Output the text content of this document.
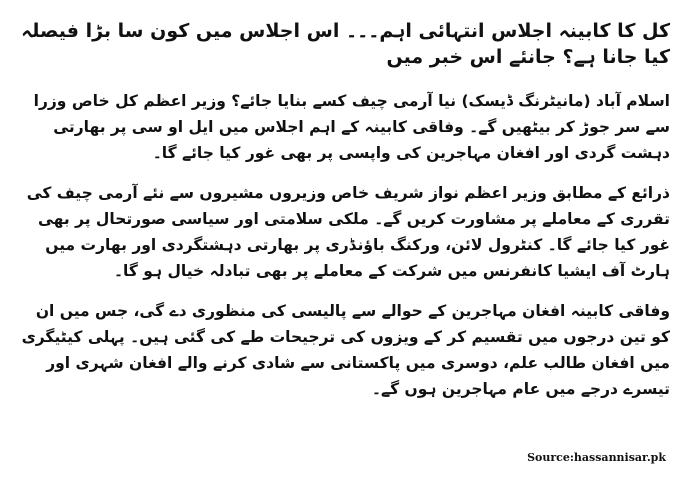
کل کا کابینہ اجلاس انتہائی اہم۔۔۔ اس اجلاس میں کون سا بڑا فیصلہ کیا جانا ہے؟ جانئے اس خبر میں

اسلام آباد (مانیٹرنگ ڈیسک) نیا آرمی چیف کسے بنایا جائے؟ وزیر اعظم کل خاص وزرا سے سر جوڑ کر بیٹھیں گے۔ وفاقی کابینہ کے اہم اجلاس میں ایل او سی پر بھارتی دہشت گردی اور افغان مہاجرین کی واپسی پر بھی غور کیا جائے گا۔

ذرائع کے مطابق وزیر اعظم نواز شریف خاص وزیروں مشیروں سے نئے آرمی چیف کی تقرری کے معاملے پر مشاورت کریں گے۔ ملکی سلامتی اور سیاسی صورتحال پر بھی غور کیا جائے گا۔ کنٹرول لائن، ورکنگ باؤنڈری پر بھارتی دہشتگردی اور بھارت میں ہارٹ آف ایشیا کانفرنس میں شرکت کے معاملے پر بھی تبادلہ خیال ہو گا۔

وفاقی کابینہ افغان مہاجرین کے حوالے سے پالیسی کی منظوری دے گی، جس میں ان کو تین درجوں میں تقسیم کر کے ویزوں کی ترجیحات طے کی گئی ہیں۔ پہلی کیٹیگری میں افغان طالب علم، دوسری میں پاکستانی سے شادی کرنے والے افغان شہری اور تیسرے درجے میں عام مہاجرین ہوں گے۔

Source:hassannisar.pk
